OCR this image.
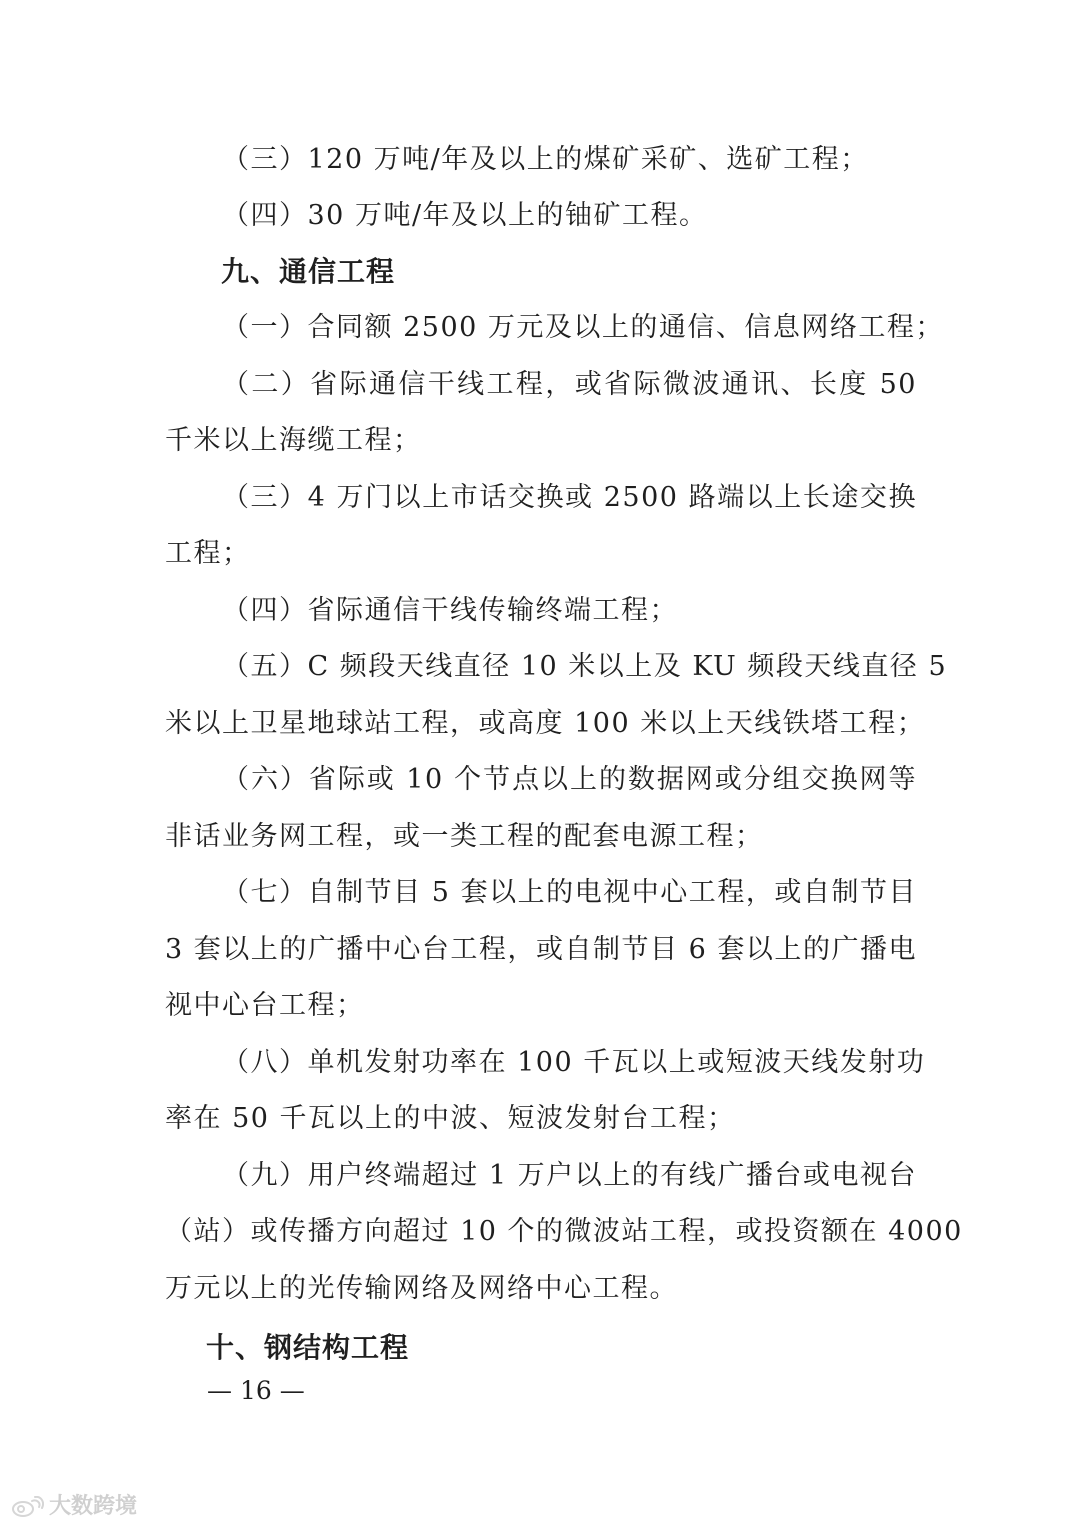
（三）120 万吨/年及以上的煤矿采矿、选矿工程；
（四）30 万吨/年及以上的铀矿工程。
九、通信工程
（一）合同额 2500 万元及以上的通信、信息网络工程；
（二）省际通信干线工程，或省际微波通讯、长度 50
千米以上海缆工程；
（三）4 万门以上市话交换或 2500 路端以上长途交换
工程；
（四）省际通信干线传输终端工程；
（五）C 频段天线直径 10 米以上及 KU 频段天线直径 5
米以上卫星地球站工程，或高度 100 米以上天线铁塔工程；
（六）省际或 10 个节点以上的数据网或分组交换网等
非话业务网工程，或一类工程的配套电源工程；
（七）自制节目 5 套以上的电视中心工程，或自制节目
3 套以上的广播中心台工程，或自制节目 6 套以上的广播电
视中心台工程；
（八）单机发射功率在 100 千瓦以上或短波天线发射功
率在 50 千瓦以上的中波、短波发射台工程；
（九）用户终端超过 1 万户以上的有线广播台或电视台
（站）或传播方向超过 10 个的微波站工程，或投资额在 4000
万元以上的光传输网络及网络中心工程。
十、钢结构工程
— 16 —
大数跨境
